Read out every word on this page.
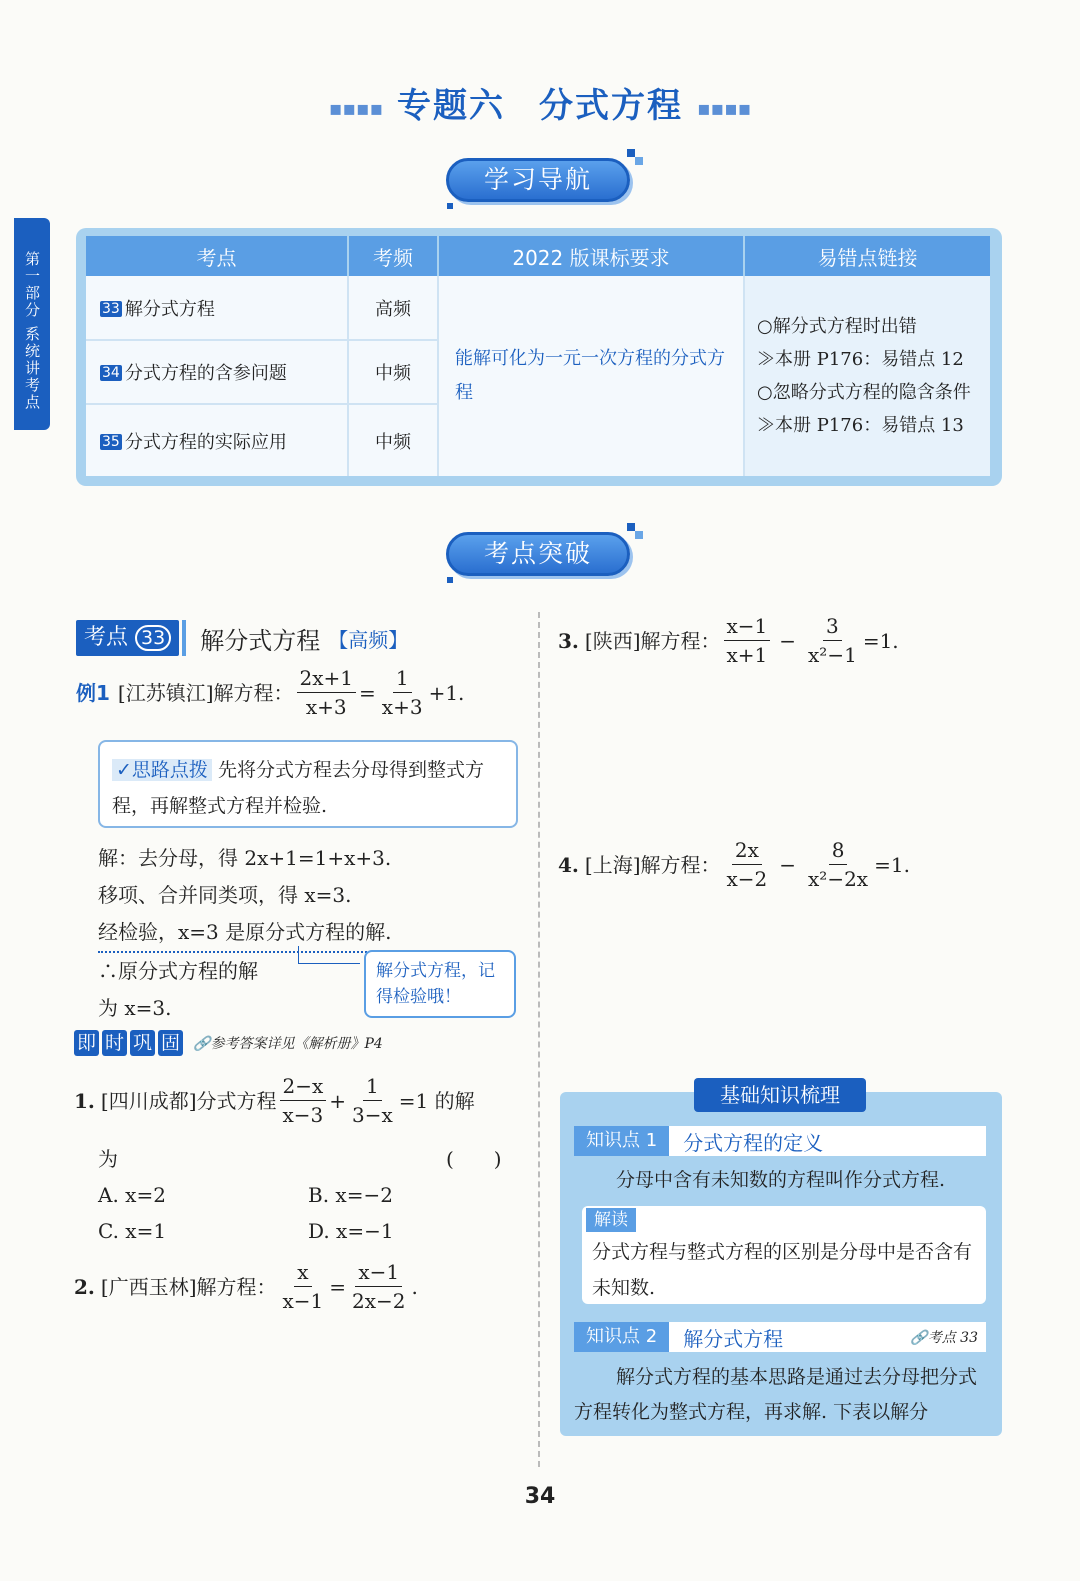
▪▪▪▪ 专题六 分式方程 ▪▪▪▪
学习导航
第一部分 系统讲考点	考点	考频	2022 版课标要求	易错点链接
33 解分式方程	高频	能解可化为一元一次方程的分式方程	○解分式方程时出错
≫本册 P176：易错点 12
○忽略分式方程的隐含条件
≫本册 P176：易错点 13

34 分式方程的含参问题	中频		
35 分式方程的实际应用	中频		
考点突破
考点 33	解分式方程 【高频】
例1 [江苏镇江]解方程： $\frac{2x+1}{x+3} = \frac{1}{x+3} +1$.
✓思路点拨 先将分式方程去分母得到整式方程，再解整式方程并检验.
解：去分母，得 2x+1=1+x+3.
移项、合并同类项，得 x=3.
经检验，x=3 是原分式方程的解.
∴原分式方程的解
为 x=3.
解分式方程，记得检验哦！
即 时 巩 固 🔗参考答案详见《解析册》P4
1. [四川成都]分式方程 $\frac{2-x}{x-3} + \frac{1}{3-x} =1$ 的解
为	(　　)
A. x=2	B. x=−2
C. x=1	D. x=−1
2. [广西玉林]解方程： $\frac{x}{x-1} = \frac{x-1}{2x-2}$ .
3. [陕西]解方程： $\frac{x-1}{x+1} - \frac{3}{\text{x²−1}} =1$.
4. [上海]解方程： $\frac{2x}{x-2} - \frac{8}{\text{x²−2x}} =1$.
基础知识梳理
知识点 1	分式方程的定义
分母中含有未知数的方程叫作分式方程.
解读
分式方程与整式方程的区别是分母中是否含有未知数.
知识点 2	解分式方程	🔗考点 33
解分式方程的基本思路是通过去分母把分式方程转化为整式方程，再求解. 下表以解分
34
